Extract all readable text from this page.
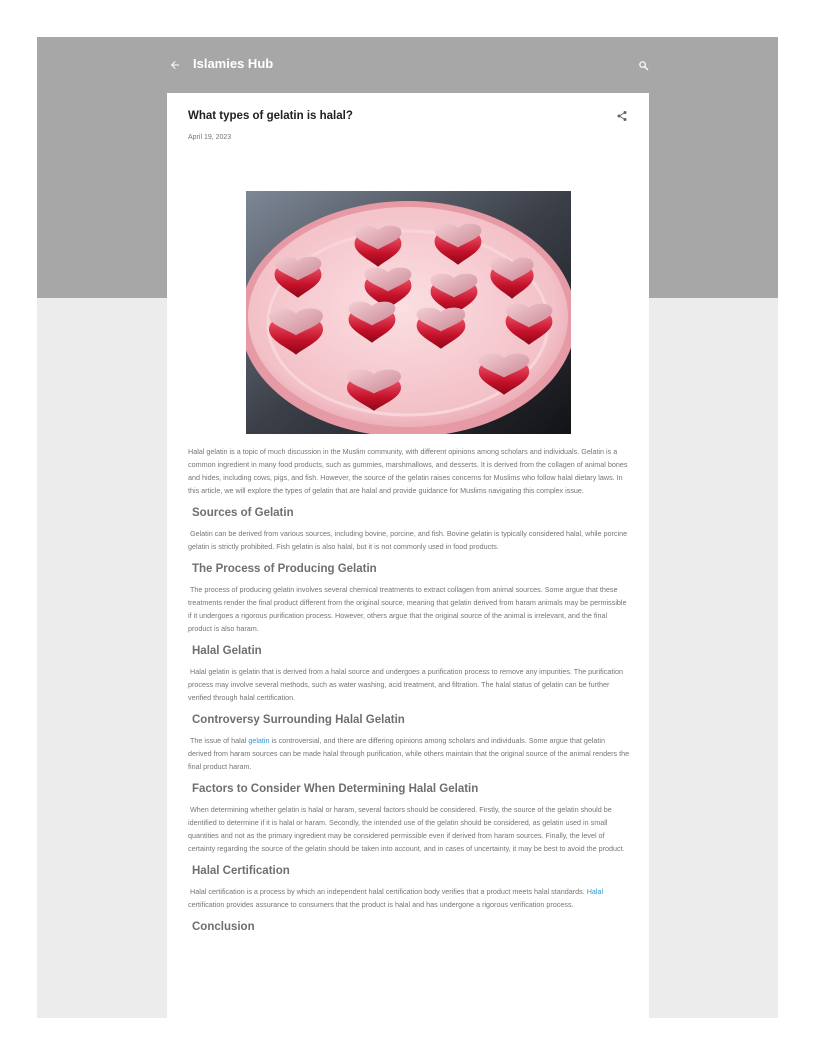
Islamies Hub
What types of gelatin is halal?
April 19, 2023

Halal gelatin is a topic of much discussion in the Muslim community, with different opinions among scholars and individuals. Gelatin is a common ingredient in many food products, such as gummies, marshmallows, and desserts. It is derived from the collagen of animal bones and hides, including cows, pigs, and fish. However, the source of the gelatin raises concerns for Muslims who follow halal dietary laws. In this article, we will explore the types of gelatin that are halal and provide guidance for Muslims navigating this complex issue.

Sources of Gelatin

Gelatin can be derived from various sources, including bovine, porcine, and fish. Bovine gelatin is typically considered halal, while porcine gelatin is strictly prohibited. Fish gelatin is also halal, but it is not commonly used in food products.

The Process of Producing Gelatin

The process of producing gelatin involves several chemical treatments to extract collagen from animal sources. Some argue that these treatments render the final product different from the original source, meaning that gelatin derived from haram animals may be permissible if it undergoes a rigorous purification process. However, others argue that the original source of the animal is irrelevant, and the final product is also haram.

Halal Gelatin

Halal gelatin is gelatin that is derived from a halal source and undergoes a purification process to remove any impurities. The purification process may involve several methods, such as water washing, acid treatment, and filtration. The halal status of gelatin can be further verified through halal certification.

Controversy Surrounding Halal Gelatin

The issue of halal gelatin is controversial, and there are differing opinions among scholars and individuals. Some argue that gelatin derived from haram sources can be made halal through purification, while others maintain that the original source of the animal renders the final product haram.

Factors to Consider When Determining Halal Gelatin

When determining whether gelatin is halal or haram, several factors should be considered. Firstly, the source of the gelatin should be identified to determine if it is halal or haram. Secondly, the intended use of the gelatin should be considered, as gelatin used in small quantities and not as the primary ingredient may be considered permissible even if derived from haram sources. Finally, the level of certainty regarding the source of the gelatin should be taken into account, and in cases of uncertainty, it may be best to avoid the product.

Halal Certification

Halal certification is a process by which an independent halal certification body verifies that a product meets halal standards. Halal certification provides assurance to consumers that the product is halal and has undergone a rigorous verification process.

Conclusion
